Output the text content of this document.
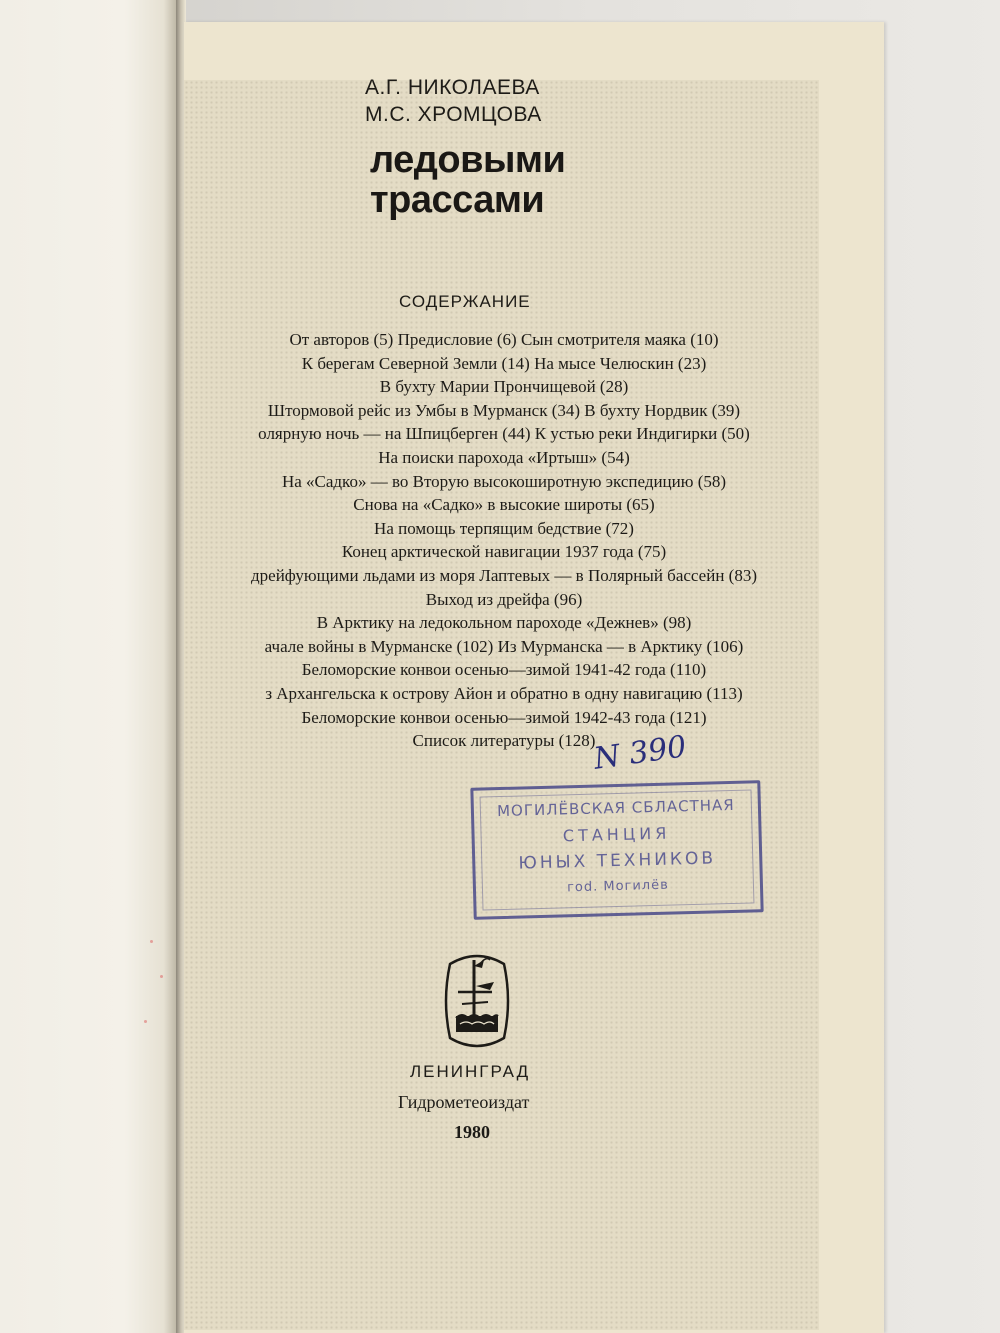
А.Г. НИКОЛАЕВА
М.С. ХРОМЦОВА
ледовыми
трассами
СОДЕРЖАНИЕ
От авторов (5) Предисловие (6) Сын смотрителя маяка (10)
К берегам Северной Земли (14) На мысе Челюскин (23)
В бухту Марии Прончищевой (28)
Штормовой рейс из Умбы в Мурманск (34) В бухту Нордвик (39)
олярную ночь — на Шпицберген (44) К устью реки Индигирки (50)
На поиски парохода «Иртыш» (54)
На «Садко» — во Вторую высокоширотную экспедицию (58)
Снова на «Садко» в высокие широты (65)
На помощь терпящим бедствие (72)
Конец арктической навигации 1937 года (75)
дрейфующими льдами из моря Лаптевых — в Полярный бассейн (83)
Выход из дрейфа (96)
В Арктику на ледокольном пароходе «Дежнев» (98)
ачале войны в Мурманске (102) Из Мурманска — в Арктику (106)
Беломорские конвои осенью—зимой 1941-42 года (110)
з Архангельска к острову Айон и обратно в одну навигацию (113)
Беломорские конвои осенью—зимой 1942-43 года (121)
Список литературы (128)
N 390
МОГИЛЁВСКАЯ СБЛАСТНАЯ
СТАНЦИЯ
ЮНЫХ ТЕХНИКОВ
гоd. Могилёв
ЛЕНИНГРАД
Гидрометеоиздат
1980
